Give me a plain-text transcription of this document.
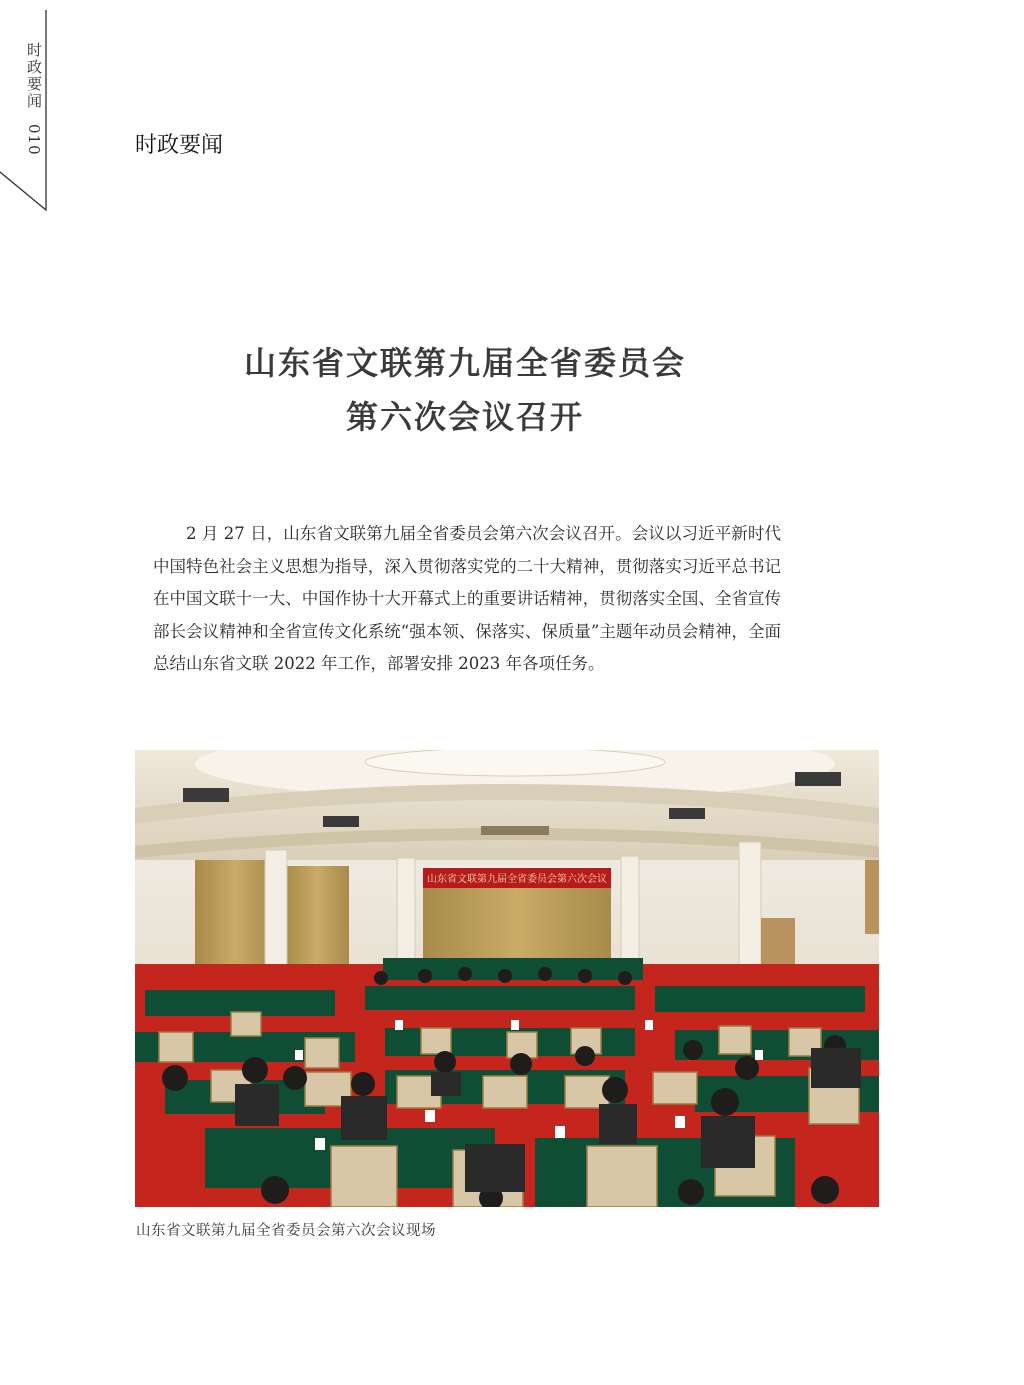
时政要闻010	时政要闻
山东省文联第九届全省委员会
第六次会议召开

2 月 27 日，山东省文联第九届全省委员会第六次会议召开。会议以习近平新时代中国特色社会主义思想为指导，深入贯彻落实党的二十大精神，贯彻落实习近平总书记在中国文联十一大、中国作协十大开幕式上的重要讲话精神，贯彻落实全国、全省宣传部长会议精神和全省宣传文化系统“强本领、保落实、保质量”主题年动员会精神，全面总结山东省文联 2022 年工作，部署安排 2023 年各项任务。

山东省文联第九届全省委员会第六次会议
山东省文联第九届全省委员会第六次会议现场
